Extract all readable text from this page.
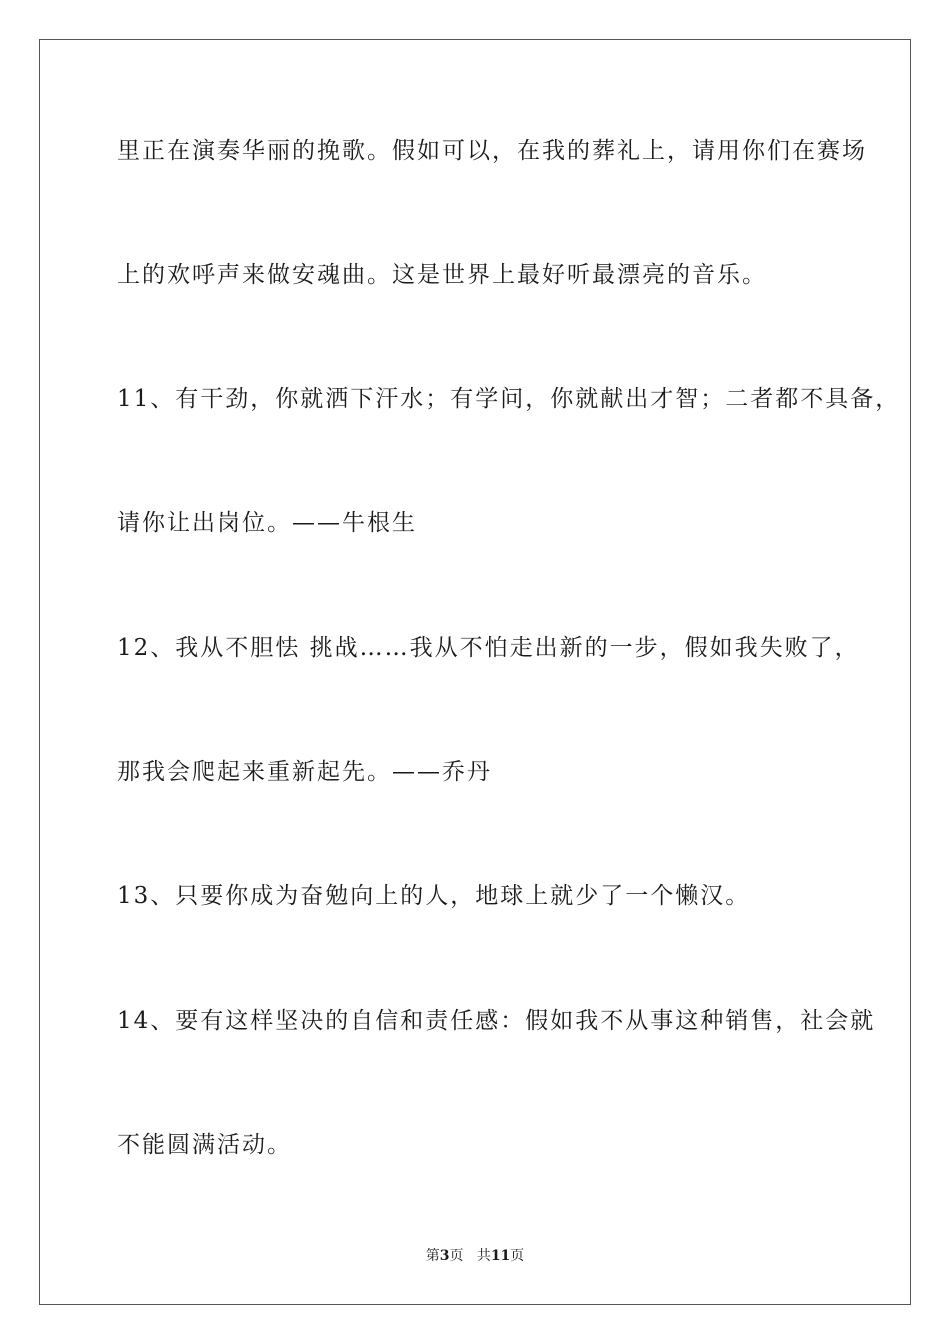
里正在演奏华丽的挽歌。假如可以，在我的葬礼上，请用你们在赛场
上的欢呼声来做安魂曲。这是世界上最好听最漂亮的音乐。
11、有干劲，你就洒下汗水；有学问，你就献出才智；二者都不具备，
请你让出岗位。——牛根生
12、我从不胆怯 挑战……我从不怕走出新的一步，假如我失败了，
那我会爬起来重新起先。——乔丹
13、只要你成为奋勉向上的人，地球上就少了一个懒汉。
14、要有这样坚决的自信和责任感：假如我不从事这种销售，社会就
不能圆满活动。
第3页 共11页
